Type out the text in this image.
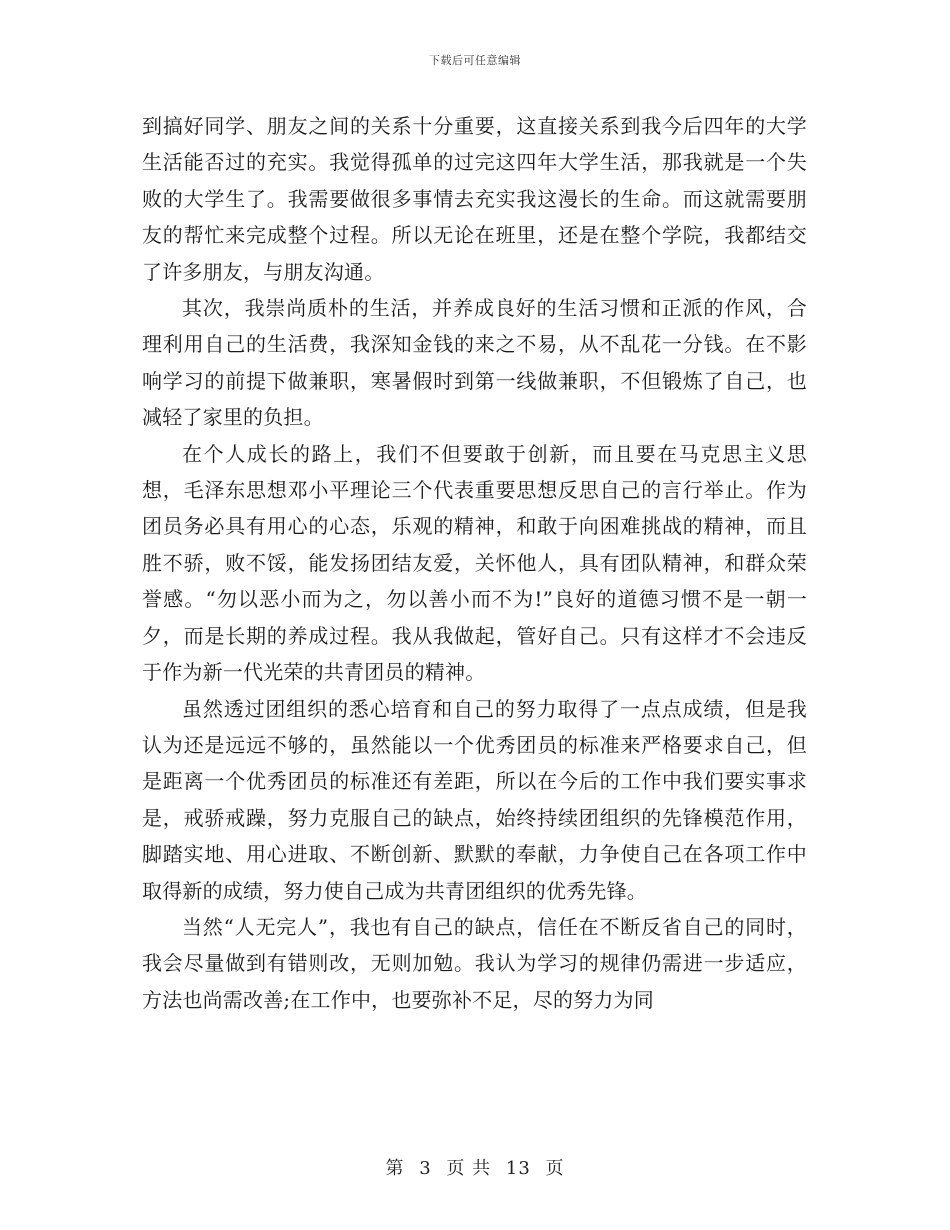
下载后可任意编辑

到搞好同学、朋友之间的关系十分重要，这直接关系到我今后四年的大学生活能否过的充实。我觉得孤单的过完这四年大学生活，那我就是一个失败的大学生了。我需要做很多事情去充实我这漫长的生命。而这就需要朋友的帮忙来完成整个过程。所以无论在班里，还是在整个学院，我都结交了许多朋友，与朋友沟通。

其次，我崇尚质朴的生活，并养成良好的生活习惯和正派的作风，合理利用自己的生活费，我深知金钱的来之不易，从不乱花一分钱。在不影响学习的前提下做兼职，寒暑假时到第一线做兼职，不但锻炼了自己，也减轻了家里的负担。

在个人成长的路上，我们不但要敢于创新，而且要在马克思主义思想，毛泽东思想邓小平理论三个代表重要思想反思自己的言行举止。作为团员务必具有用心的心态，乐观的精神，和敢于向困难挑战的精神，而且胜不骄，败不馁，能发扬团结友爱，关怀他人，具有团队精神，和群众荣誉感。“勿以恶小而为之，勿以善小而不为!”良好的道德习惯不是一朝一夕，而是长期的养成过程。我从我做起，管好自己。只有这样才不会违反于作为新一代光荣的共青团员的精神。

虽然透过团组织的悉心培育和自己的努力取得了一点点成绩，但是我认为还是远远不够的，虽然能以一个优秀团员的标准来严格要求自己，但是距离一个优秀团员的标准还有差距，所以在今后的工作中我们要实事求是，戒骄戒躁，努力克服自己的缺点，始终持续团组织的先锋模范作用，脚踏实地、用心进取、不断创新、默默的奉献，力争使自己在各项工作中取得新的成绩，努力使自己成为共青团组织的优秀先锋。

当然“人无完人”，我也有自己的缺点，信任在不断反省自己的同时，我会尽量做到有错则改，无则加勉。我认为学习的规律仍需进一步适应，方法也尚需改善;在工作中，也要弥补不足，尽的努力为同

第 3 页 共 13 页
